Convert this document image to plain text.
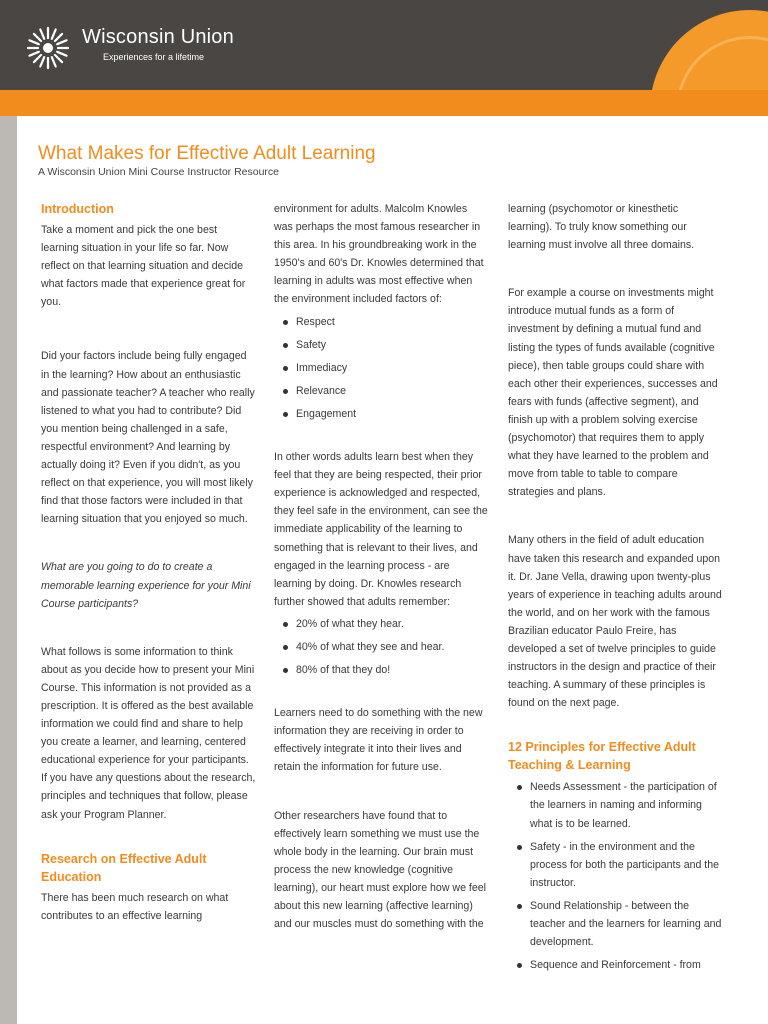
Wisconsin Union
Experiences for a lifetime
What Makes for Effective Adult Learning
A Wisconsin Union Mini Course Instructor Resource

Introduction

Take a moment and pick the one best learning situation in your life so far. Now reflect on that learning situation and decide what factors made that experience great for you.

Did your factors include being fully engaged in the learning? How about an enthusiastic and passionate teacher? A teacher who really listened to what you had to contribute? Did you mention being challenged in a safe, respectful environment? And learning by actually doing it? Even if you didn't, as you reflect on that experience, you will most likely find that those factors were included in that learning situation that you enjoyed so much.

What are you going to do to create a memorable learning experience for your Mini Course participants?

What follows is some information to think about as you decide how to present your Mini Course. This information is not provided as a prescription. It is offered as the best available information we could find and share to help you create a learner, and learning, centered educational experience for your participants. If you have any questions about the research, principles and techniques that follow, please ask your Program Planner.

Research on Effective Adult Education

There has been much research on what contributes to an effective learning

environment for adults. Malcolm Knowles was perhaps the most famous researcher in this area. In his groundbreaking work in the 1950's and 60's Dr. Knowles determined that learning in adults was most effective when the environment included factors of:

Respect
Safety
Immediacy
Relevance
Engagement

In other words adults learn best when they feel that they are being respected, their prior experience is acknowledged and respected, they feel safe in the environment, can see the immediate applicability of the learning to something that is relevant to their lives, and engaged in the learning process - are learning by doing. Dr. Knowles research further showed that adults remember:

20% of what they hear.
40% of what they see and hear.
80% of that they do!

Learners need to do something with the new information they are receiving in order to effectively integrate it into their lives and retain the information for future use.

Other researchers have found that to effectively learn something we must use the whole body in the learning. Our brain must process the new knowledge (cognitive learning), our heart must explore how we feel about this new learning (affective learning) and our muscles must do something with the

learning (psychomotor or kinesthetic learning). To truly know something our learning must involve all three domains.

For example a course on investments might introduce mutual funds as a form of investment by defining a mutual fund and listing the types of funds available (cognitive piece), then table groups could share with each other their experiences, successes and fears with funds (affective segment), and finish up with a problem solving exercise (psychomotor) that requires them to apply what they have learned to the problem and move from table to table to compare strategies and plans.

Many others in the field of adult education have taken this research and expanded upon it. Dr. Jane Vella, drawing upon twenty-plus years of experience in teaching adults around the world, and on her work with the famous Brazilian educator Paulo Freire, has developed a set of twelve principles to guide instructors in the design and practice of their teaching. A summary of these principles is found on the next page.

12 Principles for Effective Adult Teaching & Learning

Needs Assessment - the participation of the learners in naming and informing what is to be learned.
Safety - in the environment and the process for both the participants and the instructor.
Sound Relationship - between the teacher and the learners for learning and development.
Sequence and Reinforcement - from
